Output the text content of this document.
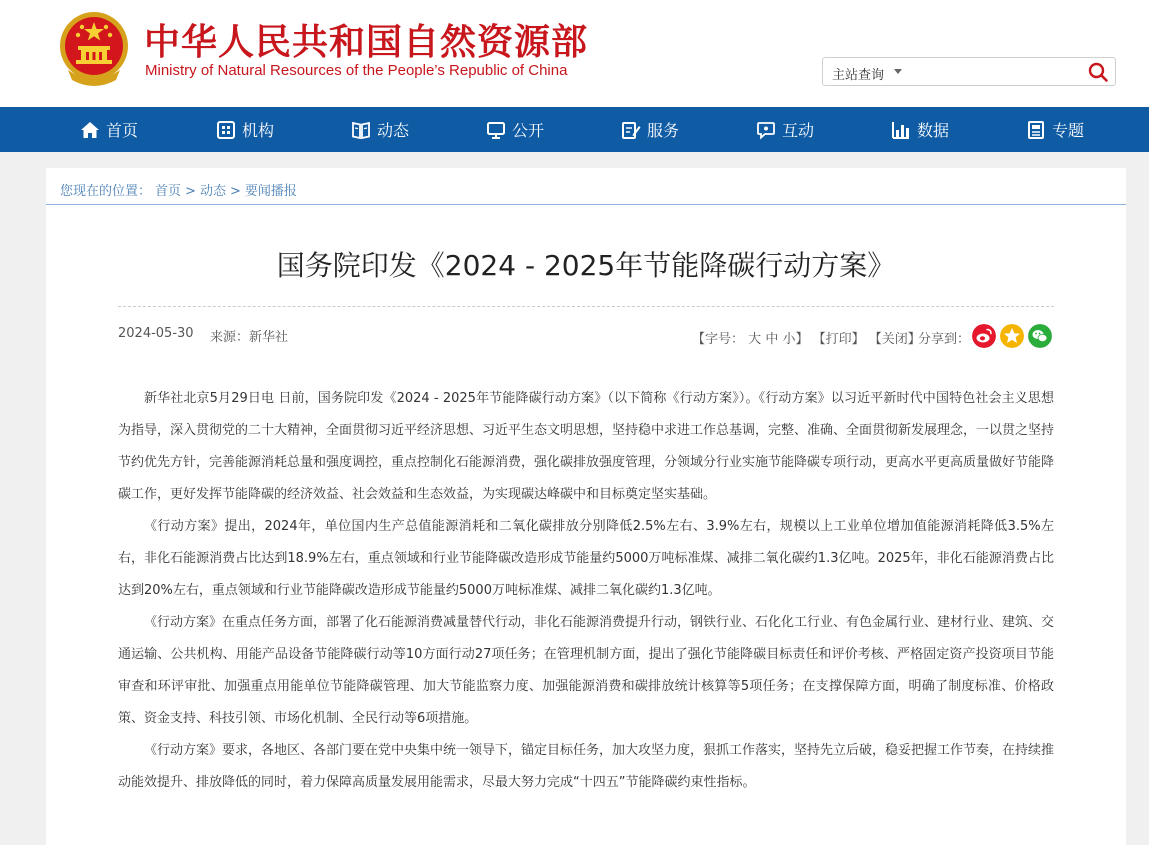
中华人民共和国自然资源部
Ministry of Natural Resources of the People’s Republic of China	主站查询
首页	机构	动态	公开	服务	互动	数据	专题
您现在的位置： 首页 > 动态 > 要闻播报
国务院印发《2024 - 2025年节能降碳行动方案》
2024-05-30 来源：新华社	【字号： 大 中 小】 【打印】 【关闭】
分享到：

新华社北京5月29日电 日前，国务院印发《2024 - 2025年节能降碳行动方案》（以下简称《行动方案》）。《行动方案》以习近平新时代中国特色社会主义思想为指导，深入贯彻党的二十大精神，全面贯彻习近平经济思想、习近平生态文明思想，坚持稳中求进工作总基调，完整、准确、全面贯彻新发展理念，一以贯之坚持节约优先方针，完善能源消耗总量和强度调控，重点控制化石能源消费，强化碳排放强度管理，分领域分行业实施节能降碳专项行动，更高水平更高质量做好节能降碳工作，更好发挥节能降碳的经济效益、社会效益和生态效益，为实现碳达峰碳中和目标奠定坚实基础。

《行动方案》提出，2024年，单位国内生产总值能源消耗和二氧化碳排放分别降低2.5%左右、3.9%左右，规模以上工业单位增加值能源消耗降低3.5%左右，非化石能源消费占比达到18.9%左右，重点领域和行业节能降碳改造形成节能量约5000万吨标准煤、减排二氧化碳约1.3亿吨。2025年，非化石能源消费占比达到20%左右，重点领域和行业节能降碳改造形成节能量约5000万吨标准煤、减排二氧化碳约1.3亿吨。

《行动方案》在重点任务方面，部署了化石能源消费减量替代行动，非化石能源消费提升行动，钢铁行业、石化化工行业、有色金属行业、建材行业、建筑、交通运输、公共机构、用能产品设备节能降碳行动等10方面行动27项任务；在管理机制方面，提出了强化节能降碳目标责任和评价考核、严格固定资产投资项目节能审查和环评审批、加强重点用能单位节能降碳管理、加大节能监察力度、加强能源消费和碳排放统计核算等5项任务；在支撑保障方面，明确了制度标准、价格政策、资金支持、科技引领、市场化机制、全民行动等6项措施。

《行动方案》要求，各地区、各部门要在党中央集中统一领导下，锚定目标任务，加大攻坚力度，狠抓工作落实，坚持先立后破，稳妥把握工作节奏，在持续推动能效提升、排放降低的同时，着力保障高质量发展用能需求，尽最大努力完成“十四五”节能降碳约束性指标。
